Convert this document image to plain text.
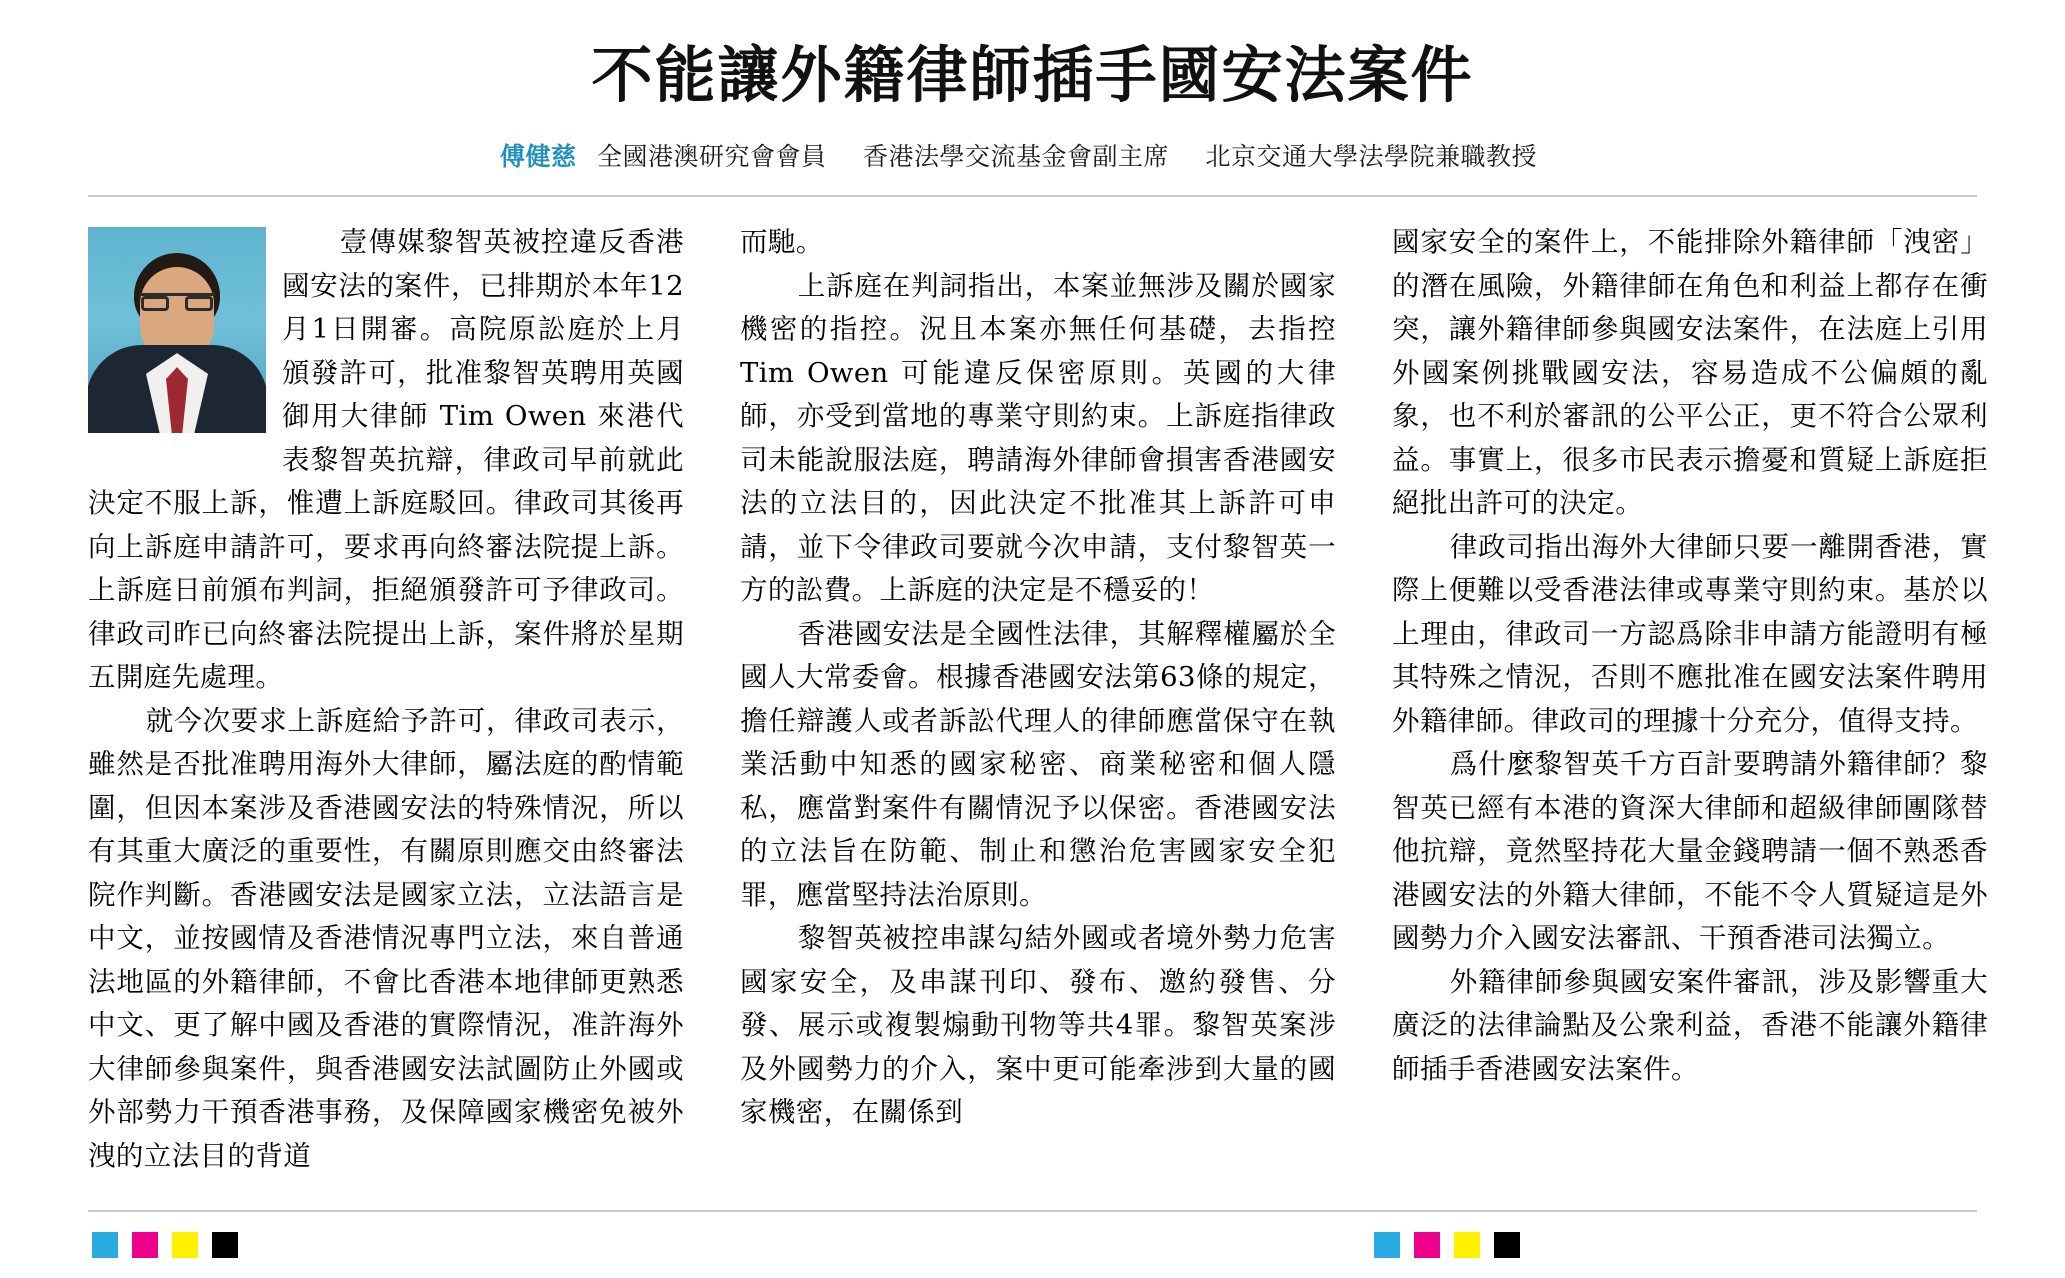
不能讓外籍律師插手國安法案件
傅健慈 全國港澳研究會會員 香港法學交流基金會副主席 北京交通大學法學院兼職教授

壹傳媒黎智英被控違反香港國安法的案件，已排期於本年12月1日開審。高院原訟庭於上月頒發許可，批准黎智英聘用英國御用大律師 Tim Owen 來港代表黎智英抗辯，律政司早前就此決定不服上訴，惟遭上訴庭駁回。律政司其後再向上訴庭申請許可，要求再向終審法院提上訴。上訴庭日前頒布判詞，拒絕頒發許可予律政司。律政司昨已向終審法院提出上訴，案件將於星期五開庭先處理。

就今次要求上訴庭給予許可，律政司表示，雖然是否批准聘用海外大律師，屬法庭的酌情範圍，但因本案涉及香港國安法的特殊情況，所以有其重大廣泛的重要性，有關原則應交由終審法院作判斷。香港國安法是國家立法，立法語言是中文，並按國情及香港情況專門立法，來自普通法地區的外籍律師，不會比香港本地律師更熟悉中文、更了解中國及香港的實際情況，准許海外大律師參與案件，與香港國安法試圖防止外國或外部勢力干預香港事務，及保障國家機密免被外洩的立法目的背道

而馳。

上訴庭在判詞指出，本案並無涉及關於國家機密的指控。況且本案亦無任何基礎，去指控 Tim Owen 可能違反保密原則。英國的大律師，亦受到當地的專業守則約束。上訴庭指律政司未能說服法庭，聘請海外律師會損害香港國安法的立法目的，因此決定不批准其上訴許可申請，並下令律政司要就今次申請，支付黎智英一方的訟費。上訴庭的決定是不穩妥的！

香港國安法是全國性法律，其解釋權屬於全國人大常委會。根據香港國安法第63條的規定，擔任辯護人或者訴訟代理人的律師應當保守在執業活動中知悉的國家秘密、商業秘密和個人隱私，應當對案件有關情況予以保密。香港國安法的立法旨在防範、制止和懲治危害國家安全犯罪，應當堅持法治原則。

黎智英被控串謀勾結外國或者境外勢力危害國家安全，及串謀刊印、發布、邀約發售、分發、展示或複製煽動刊物等共4罪。黎智英案涉及外國勢力的介入，案中更可能牽涉到大量的國家機密，在關係到

國家安全的案件上，不能排除外籍律師「洩密」的潛在風險，外籍律師在角色和利益上都存在衝突，讓外籍律師參與國安法案件，在法庭上引用外國案例挑戰國安法，容易造成不公偏頗的亂象，也不利於審訊的公平公正，更不符合公眾利益。事實上，很多市民表示擔憂和質疑上訴庭拒絕批出許可的決定。

律政司指出海外大律師只要一離開香港，實際上便難以受香港法律或專業守則約束。基於以上理由，律政司一方認爲除非申請方能證明有極其特殊之情況，否則不應批准在國安法案件聘用外籍律師。律政司的理據十分充分，值得支持。

爲什麼黎智英千方百計要聘請外籍律師？黎智英已經有本港的資深大律師和超級律師團隊替他抗辯，竟然堅持花大量金錢聘請一個不熟悉香港國安法的外籍大律師，不能不令人質疑這是外國勢力介入國安法審訊、干預香港司法獨立。

外籍律師參與國安案件審訊，涉及影響重大廣泛的法律論點及公衆利益，香港不能讓外籍律師插手香港國安法案件。
